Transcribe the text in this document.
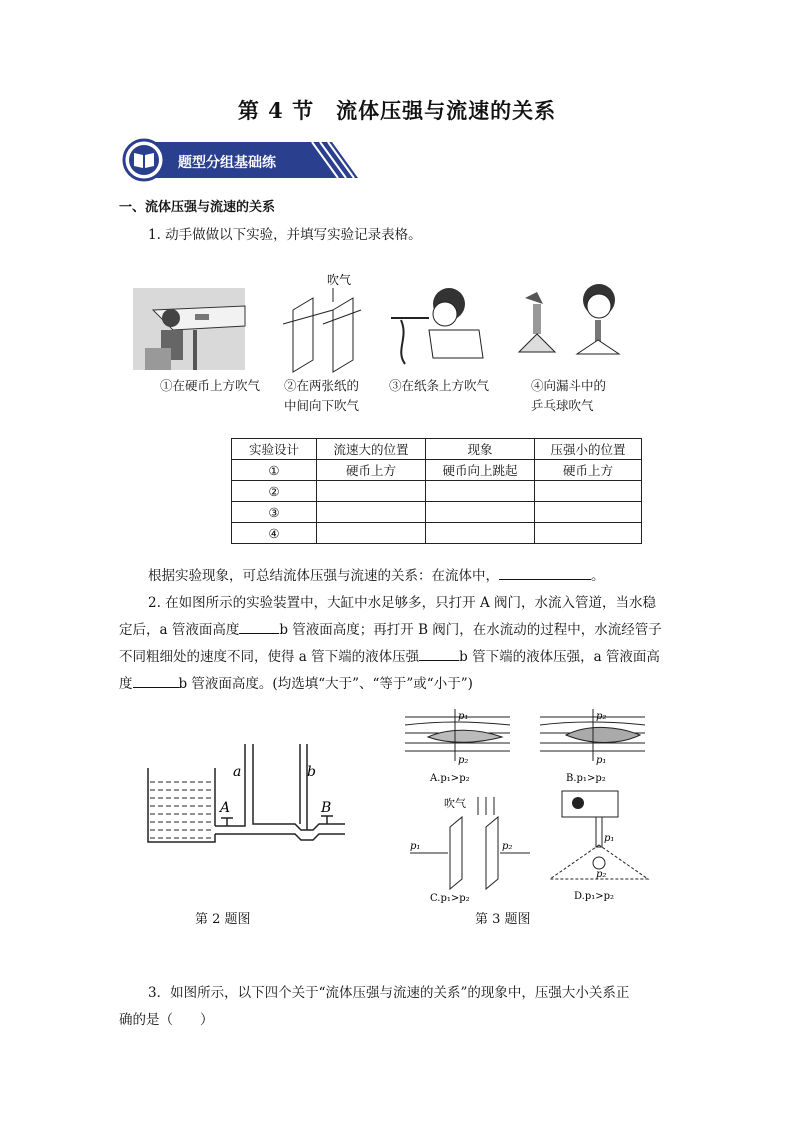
第 4 节　流体压强与流速的关系
题型分组基础练
一、流体压强与流速的关系
1. 动手做做以下实验，并填写实验记录表格。
吹气
①在硬币上方吹气 ②在两张纸的
中间向下吹气
③在纸条上方吹气	④向漏斗中的
乒乓球吹气
实验设计	流速大的位置	现象	压强小的位置
①	硬币上方	硬币向上跳起	硬币上方
②			
③			
④			
根据实验现象，可总结流体压强与流速的关系：在流体中，	。
2. 在如图所示的实验装置中，大缸中水足够多，只打开 A 阀门，水流入管道，当水稳
定后，a 管液面高度	b 管液面高度；再打开 B 阀门，在水流动的过程中，水流经管子
不同粗细处的速度不同，使得 a 管下端的液体压强	b 管下端的液体压强，a 管液面高
度	b 管液面高度。(均选填“大于”、“等于”或“小于”)
a	b
A	B
第 2 题图
p₁
p₂
A.p₁>p₂
p₂
p₁
B.p₁>p₂
吹气
p₁	p₂
C.p₁>p₂
p₁
p₂
D.p₁>p₂
第 3 题图
3．如图所示，以下四个关于“流体压强与流速的关系”的现象中，压强大小关系正
确的是（　　）
